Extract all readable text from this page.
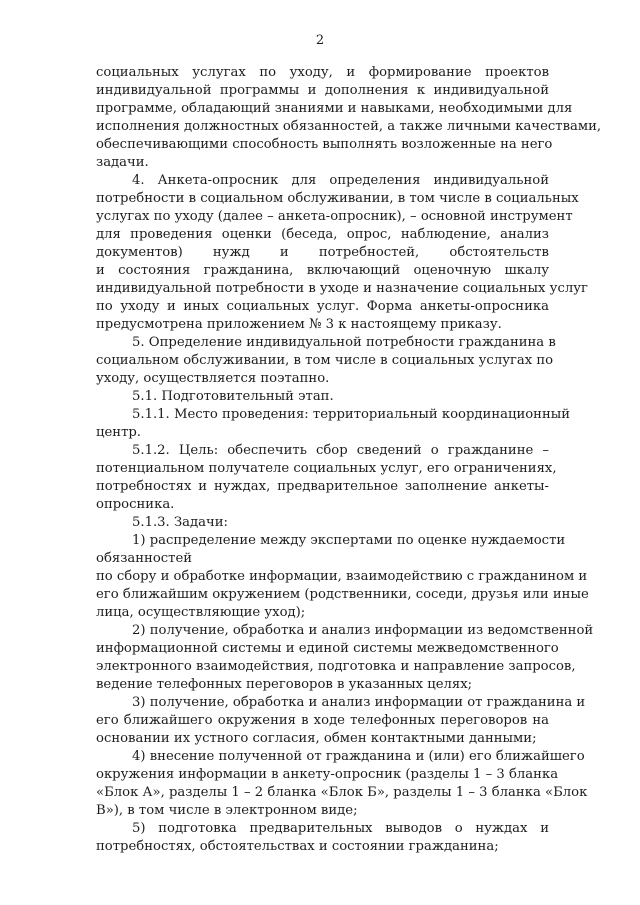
2
социальных услугах по уходу, и формирование проектов
индивидуальной программы и дополнения к индивидуальной
программе, обладающий знаниями и навыками, необходимыми для
исполнения должностных обязанностей, а также личными качествами,
обеспечивающими способность выполнять возложенные на него
задачи.
4. Анкета-опросник для определения индивидуальной
потребности в социальном обслуживании, в том числе в социальных
услугах по уходу (далее – анкета-опросник), – основной инструмент
для проведения оценки (беседа, опрос, наблюдение, анализ
документов) нужд и потребностей, обстоятельств
и состояния гражданина, включающий оценочную шкалу
индивидуальной потребности в уходе и назначение социальных услуг
по уходу и иных социальных услуг. Форма анкеты-опросника
предусмотрена приложением № 3 к настоящему приказу.
5. Определение индивидуальной потребности гражданина в
социальном обслуживании, в том числе в социальных услугах по
уходу, осуществляется поэтапно.
5.1. Подготовительный этап.
5.1.1. Место проведения: территориальный координационный
центр.
5.1.2. Цель: обеспечить сбор сведений о гражданине –
потенциальном получателе социальных услуг, его ограничениях,
потребностях и нуждах, предварительное заполнение анкеты-
опросника.
5.1.3. Задачи:
1) распределение между экспертами по оценке нуждаемости
обязанностей
по сбору и обработке информации, взаимодействию с гражданином и
его ближайшим окружением (родственники, соседи, друзья или иные
лица, осуществляющие уход);
2) получение, обработка и анализ информации из ведомственной
информационной системы и единой системы межведомственного
электронного взаимодействия, подготовка и направление запросов,
ведение телефонных переговоров в указанных целях;
3) получение, обработка и анализ информации от гражданина и
его ближайшего окружения в ходе телефонных переговоров на
основании их устного согласия, обмен контактными данными;
4) внесение полученной от гражданина и (или) его ближайшего
окружения информации в анкету-опросник (разделы 1 – 3 бланка
«Блок А», разделы 1 – 2 бланка «Блок Б», разделы 1 – 3 бланка «Блок
В»), в том числе в электронном виде;
5) подготовка предварительных выводов о нуждах и
потребностях, обстоятельствах и состоянии гражданина;
